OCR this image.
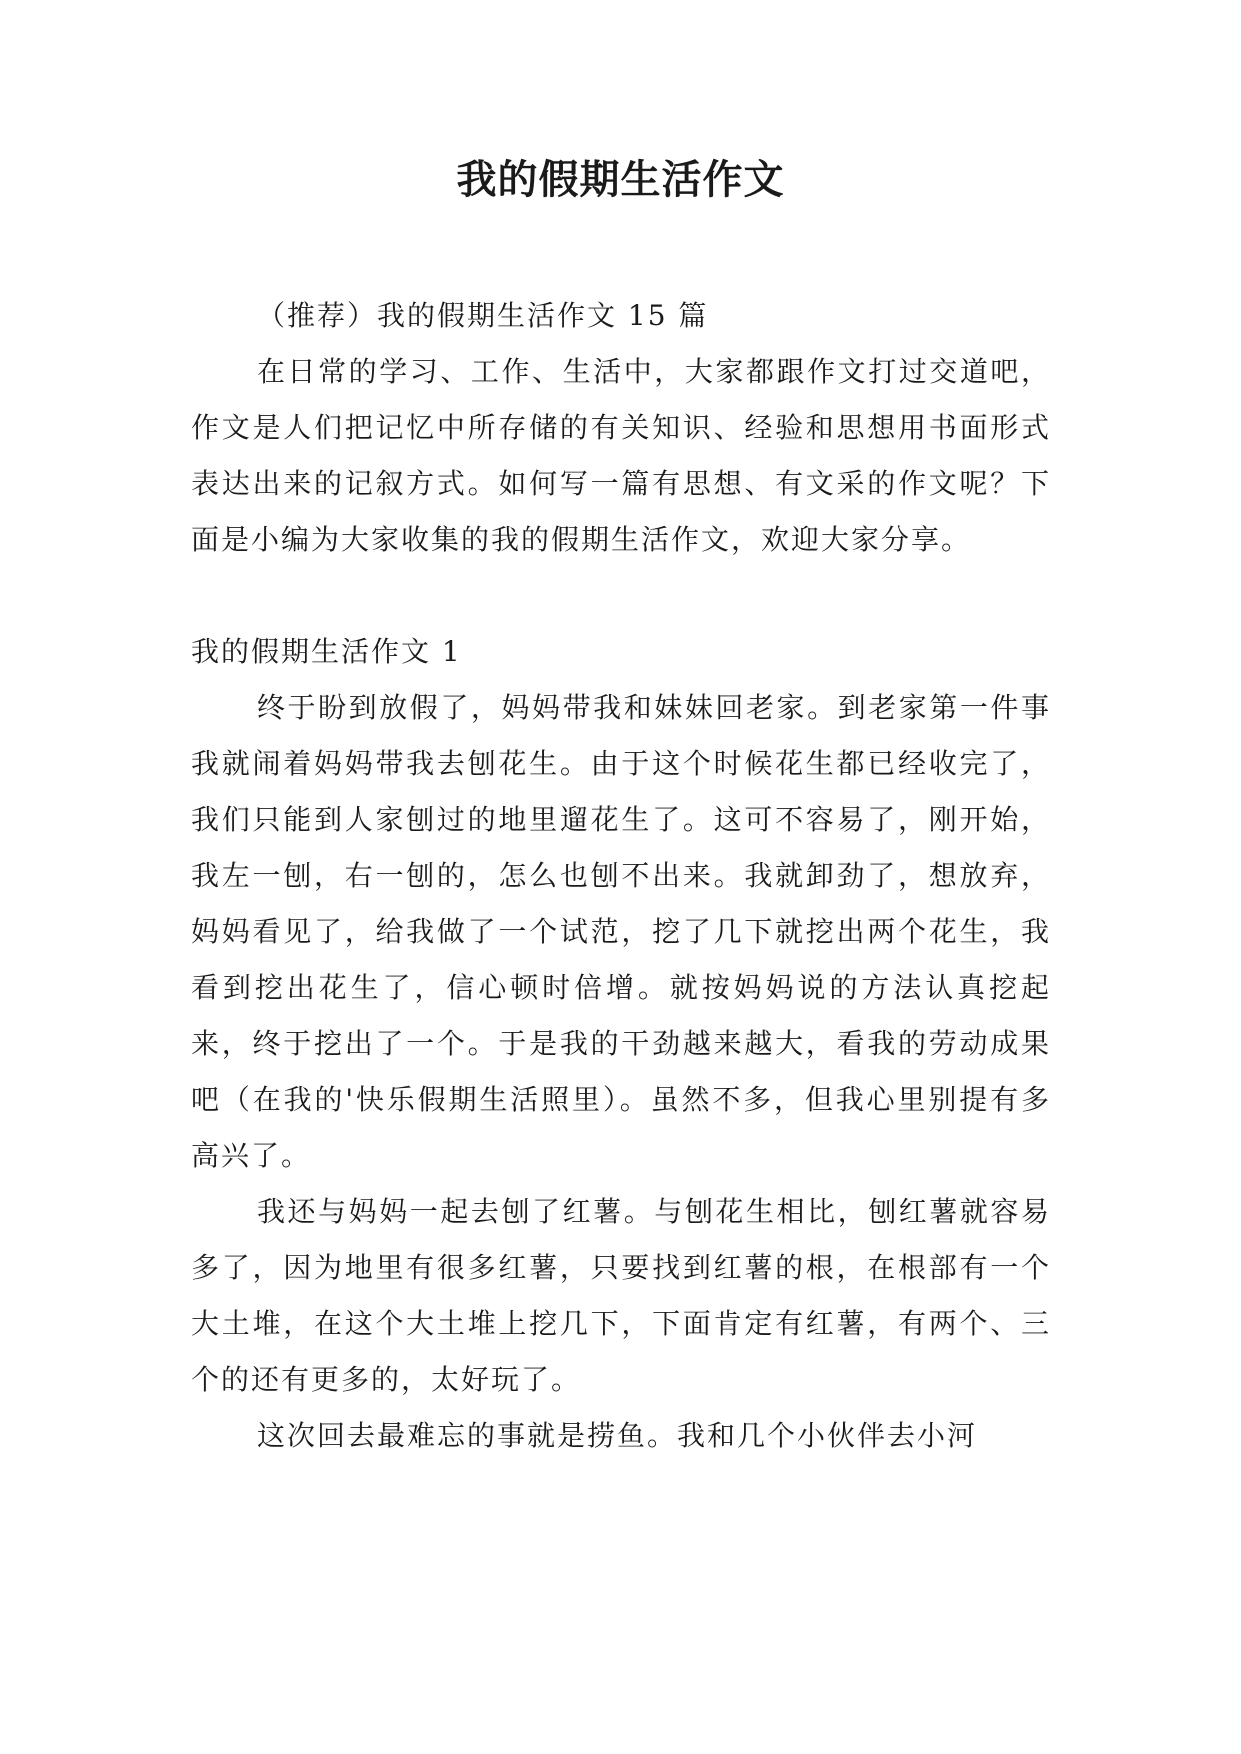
我的假期生活作文

（推荐）我的假期生活作文 15 篇

在日常的学习、工作、生活中，大家都跟作文打过交道吧，作文是人们把记忆中所存储的有关知识、经验和思想用书面形式表达出来的记叙方式。如何写一篇有思想、有文采的作文呢？下面是小编为大家收集的我的假期生活作文，欢迎大家分享。

我的假期生活作文 1

终于盼到放假了，妈妈带我和妹妹回老家。到老家第一件事我就闹着妈妈带我去刨花生。由于这个时候花生都已经收完了，我们只能到人家刨过的地里遛花生了。这可不容易了，刚开始，我左一刨，右一刨的，怎么也刨不出来。我就卸劲了，想放弃，妈妈看见了，给我做了一个试范，挖了几下就挖出两个花生，我看到挖出花生了，信心顿时倍增。就按妈妈说的方法认真挖起来，终于挖出了一个。于是我的干劲越来越大，看我的劳动成果吧（在我的'快乐假期生活照里）。虽然不多，但我心里别提有多高兴了。

我还与妈妈一起去刨了红薯。与刨花生相比，刨红薯就容易多了，因为地里有很多红薯，只要找到红薯的根，在根部有一个大土堆，在这个大土堆上挖几下，下面肯定有红薯，有两个、三个的还有更多的，太好玩了。

这次回去最难忘的事就是捞鱼。我和几个小伙伴去小河
